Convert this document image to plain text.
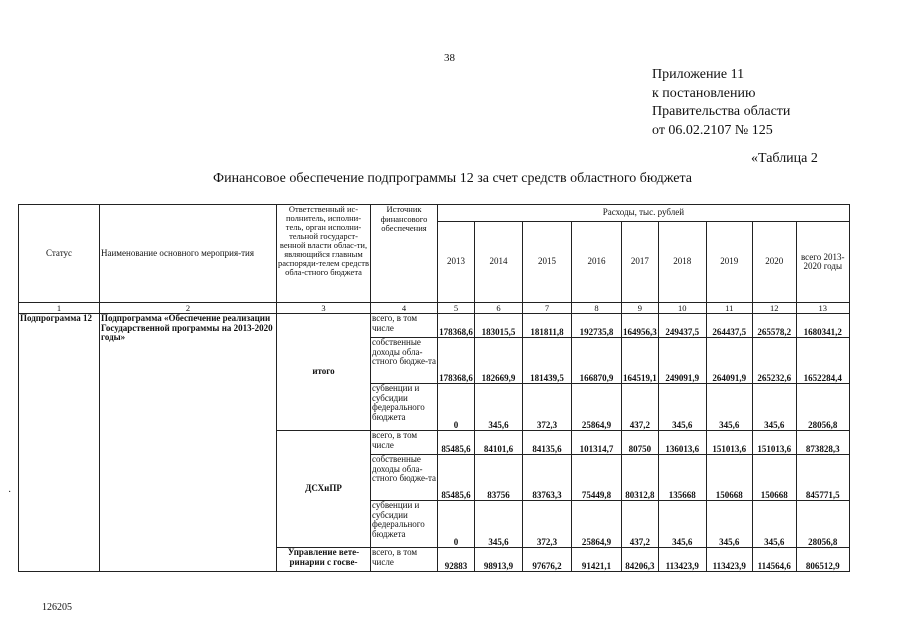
38
Приложение 11
к постановлению
Правительства области
от 06.02.2107 № 125
«Таблица 2
Финансовое обеспечение подпрограммы 12 за счет средств областного бюджета
Статус	Наименование основного мероприя-тия	Ответственный ис-полнитель, исполни-тель, орган исполни-тельной государст-венной власти облас-ти, являющийся главным распоряди-телем средств обла-стного бюджета	Источник финансового обеспечения	Расходы, тыс. рублей								
				2013	2014	2015	2016	2017	2018	2019	2020	всего 2013-2020 годы
1	2	3	4	5	6	7	8	9	10	11	12	13
Подпрограмма 12	Подпрограмма «Обеспечение реализации Государственной программы на 2013-2020 годы»	итого	всего, в том числе	178368,6	183015,5	181811,8	192735,8	164956,3	249437,5	264437,5	265578,2	1680341,2
			собственные доходы обла-стного бюдже-та	178368,6	182669,9	181439,5	166870,9	164519,1	249091,9	264091,9	265232,6	1652284,4
			субвенции и субсидии федерального бюджета	0	345,6	372,3	25864,9	437,2	345,6	345,6	345,6	28056,8
		ДСХиПР	всего, в том числе	85485,6	84101,6	84135,6	101314,7	80750	136013,6	151013,6	151013,6	873828,3
			собственные доходы обла-стного бюдже-та	85485,6	83756	83763,3	75449,8	80312,8	135668	150668	150668	845771,5
			субвенции и субсидии федерального бюджета	0	345,6	372,3	25864,9	437,2	345,6	345,6	345,6	28056,8
		Управление вете-ринарии с госве-	всего, в том числе	92883	98913,9	97676,2	91421,1	84206,3	113423,9	113423,9	114564,6	806512,9
·
126205
